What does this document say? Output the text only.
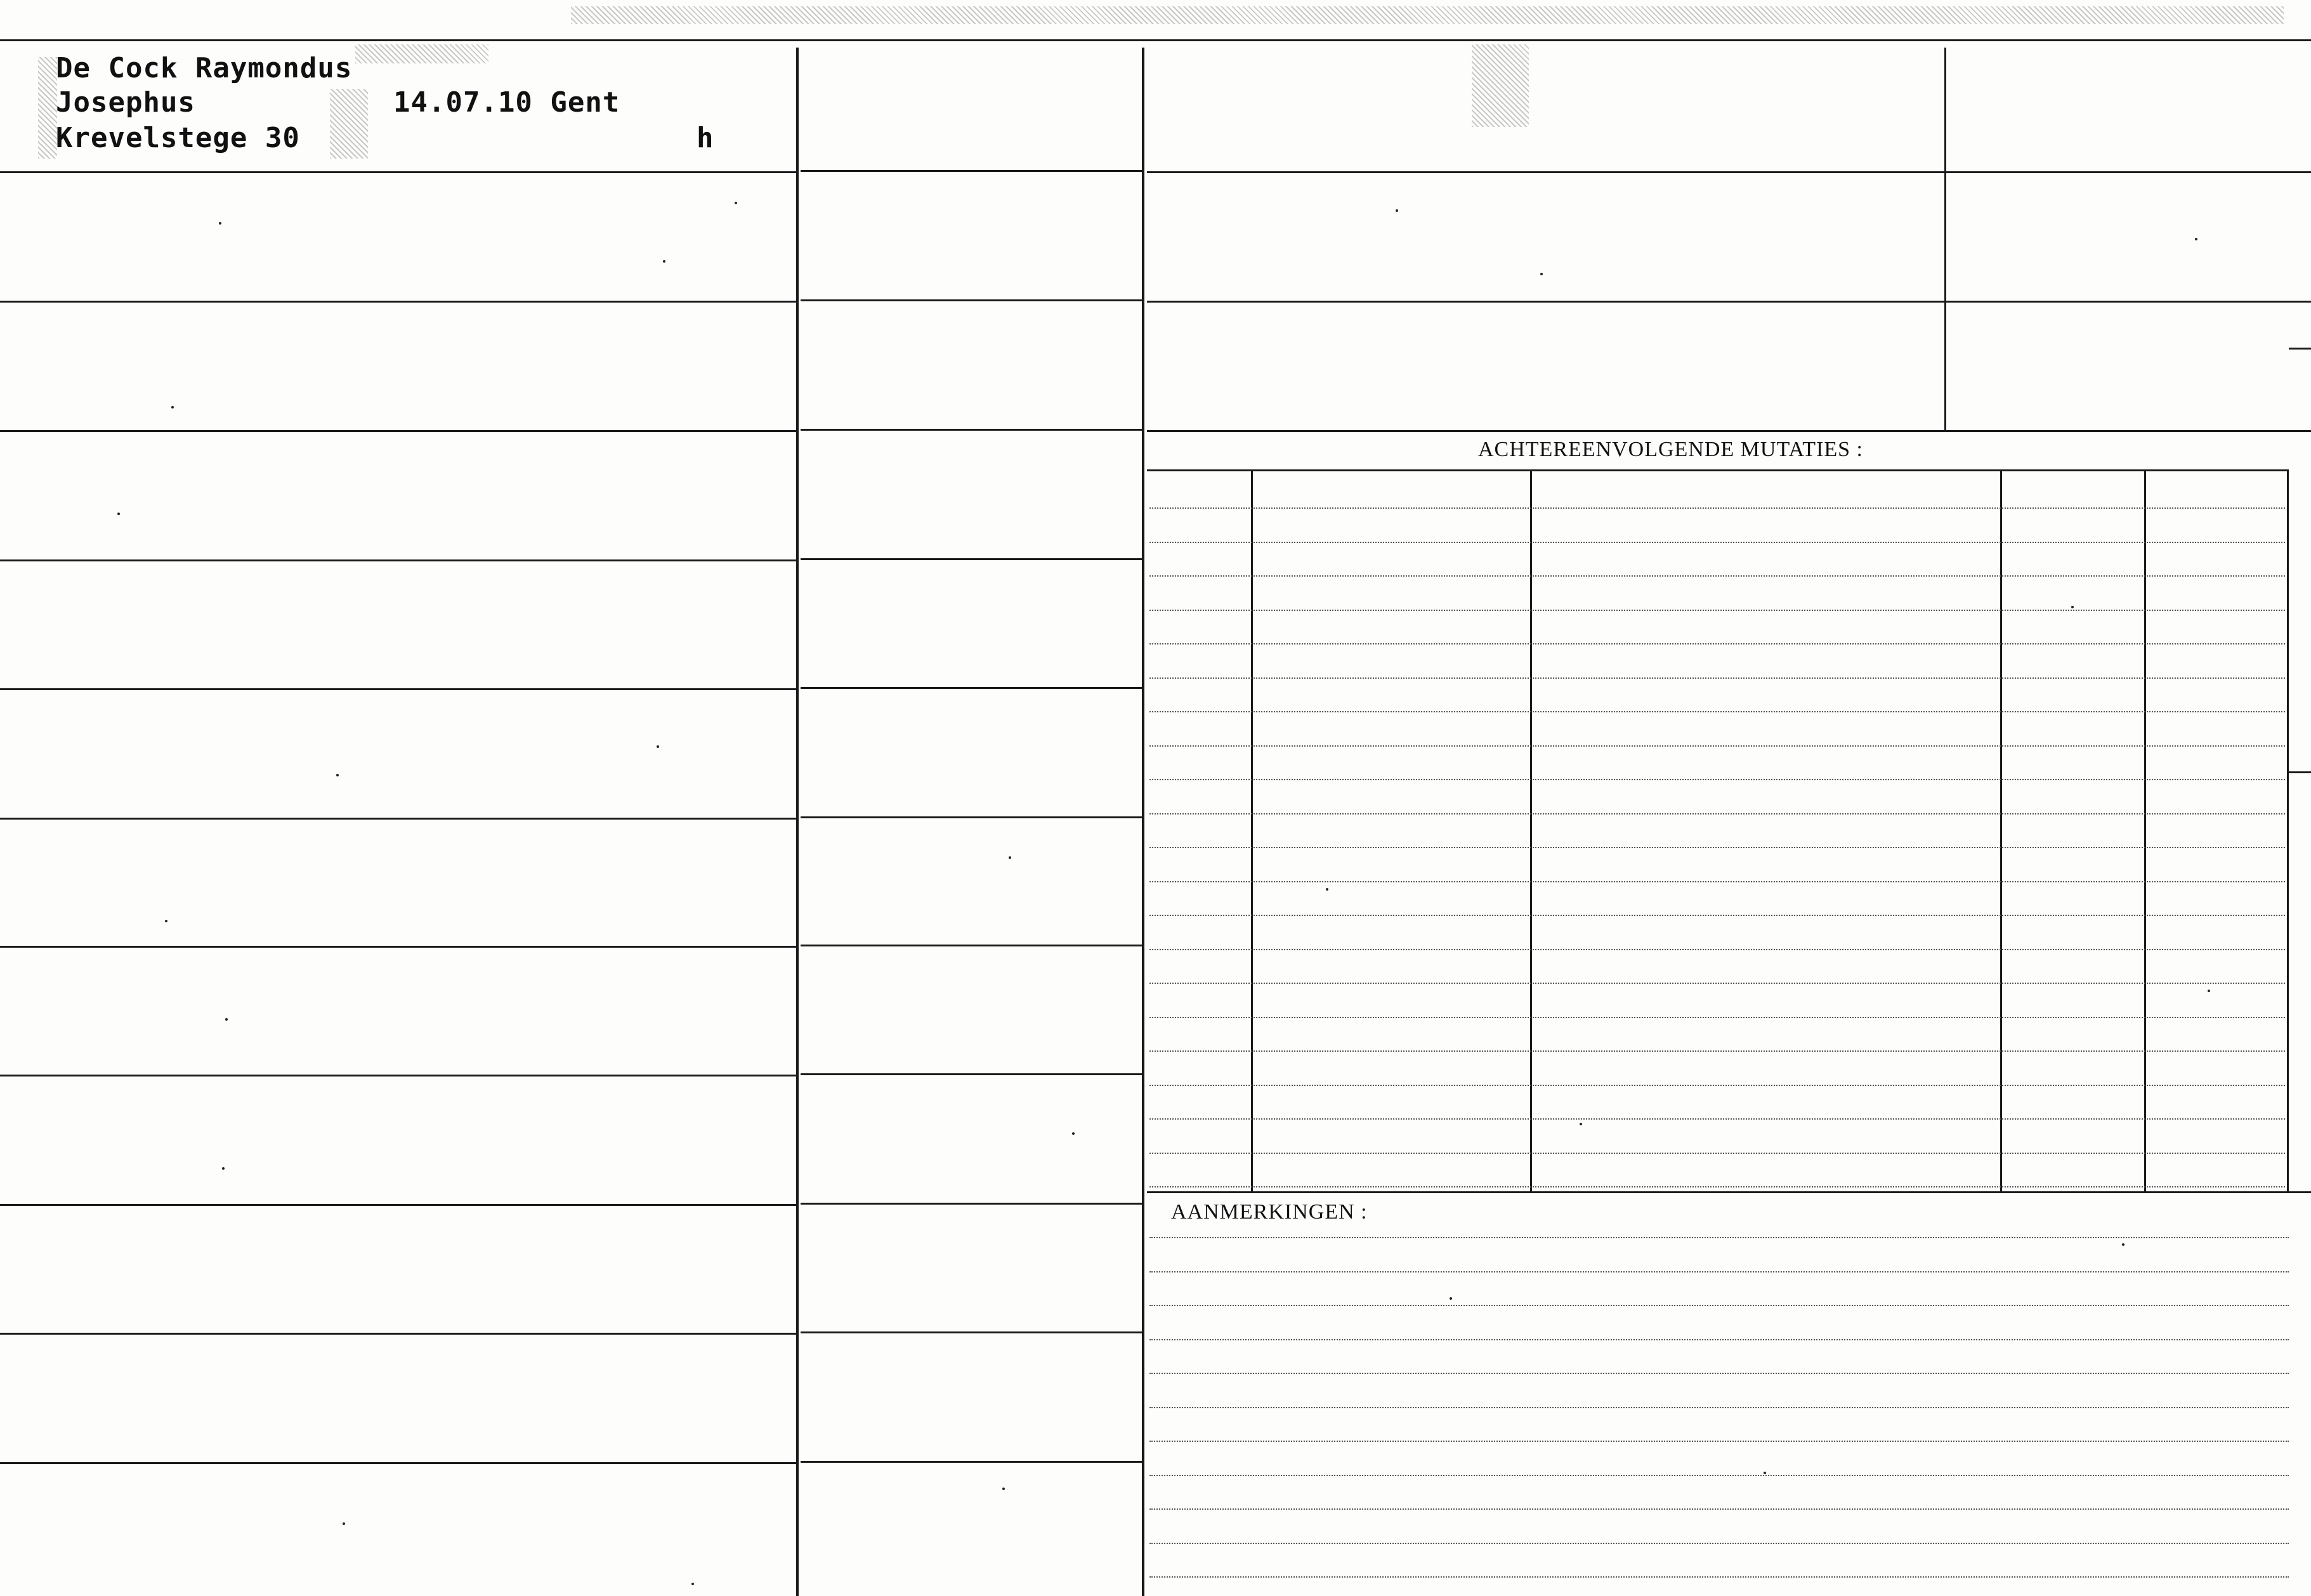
De Cock Raymondus
Josephus
Krevelstege 30
14.07.10 Gent
h
ACHTEREENVOLGENDE MUTATIES :
AANMERKINGEN :
